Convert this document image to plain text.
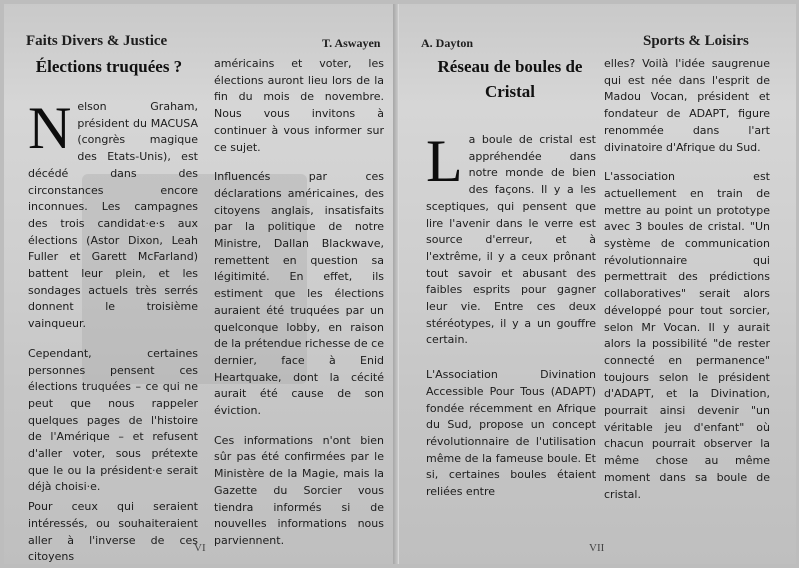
Faits Divers & Justice	T. Aswayen
Élections truquées ?

Nelson Graham, président du MACUSA (congrès magique des Etats-Unis), est décédé dans des circonstances encore inconnues. Les campagnes des trois candidat·e·s aux élections (Astor Dixon, Leah Fuller et Garett McFarland) battent leur plein, et les sondages actuels très serrés donnent le troisième vainqueur.

Cependant, certaines personnes pensent ces élections truquées – ce qui ne peut que nous rappeler quelques pages de l'histoire de l'Amérique – et refusent d'aller voter, sous prétexte que le ou la président·e serait déjà choisi·e.

Pour ceux qui seraient intéressés, ou souhaiteraient aller à l'inverse de ces citoyens

américains et voter, les élections auront lieu lors de la fin du mois de novembre. Nous vous invitons à continuer à vous informer sur ce sujet.

Influencés par ces déclarations américaines, des citoyens anglais, insatisfaits par la politique de notre Ministre, Dallan Blackwave, remettent en question sa légitimité. En effet, ils estiment que les élections auraient été truquées par un quelconque lobby, en raison de la prétendue richesse de ce dernier, face à Enid Heartquake, dont la cécité aurait été cause de son éviction.

Ces informations n'ont bien sûr pas été confirmées par le Ministère de la Magie, mais la Gazette du Sorcier vous tiendra informés si de nouvelles informations nous parviennent.

VI
A. Dayton	Sports & Loisirs
Réseau de boules de
Cristal

La boule de cristal est appréhendée dans notre monde de bien des façons. Il y a les sceptiques, qui pensent que lire l'avenir dans le verre est source d'erreur, et à l'extrême, il y a ceux prônant tout savoir et abusant des faibles esprits pour gagner leur vie. Entre ces deux stéréotypes, il y a un gouffre certain.

L'Association Divination Accessible Pour Tous (ADAPT) fondée récemment en Afrique du Sud, propose un concept révolutionnaire de l'utilisation même de la fameuse boule. Et si, certaines boules étaient reliées entre

elles? Voilà l'idée saugrenue qui est née dans l'esprit de Madou Vocan, président et fondateur de ADAPT, figure renommée dans l'art divinatoire d'Afrique du Sud.

L'association est actuellement en train de mettre au point un prototype avec 3 boules de cristal. "Un système de communication révolutionnaire qui permettrait des prédictions collaboratives" serait alors développé pour tout sorcier, selon Mr Vocan. Il y aurait alors la possibilité "de rester connecté en permanence" toujours selon le président d'ADAPT, et la Divination, pourrait ainsi devenir "un véritable jeu d'enfant" où chacun pourrait observer la même chose au même moment dans sa boule de cristal.

VII
